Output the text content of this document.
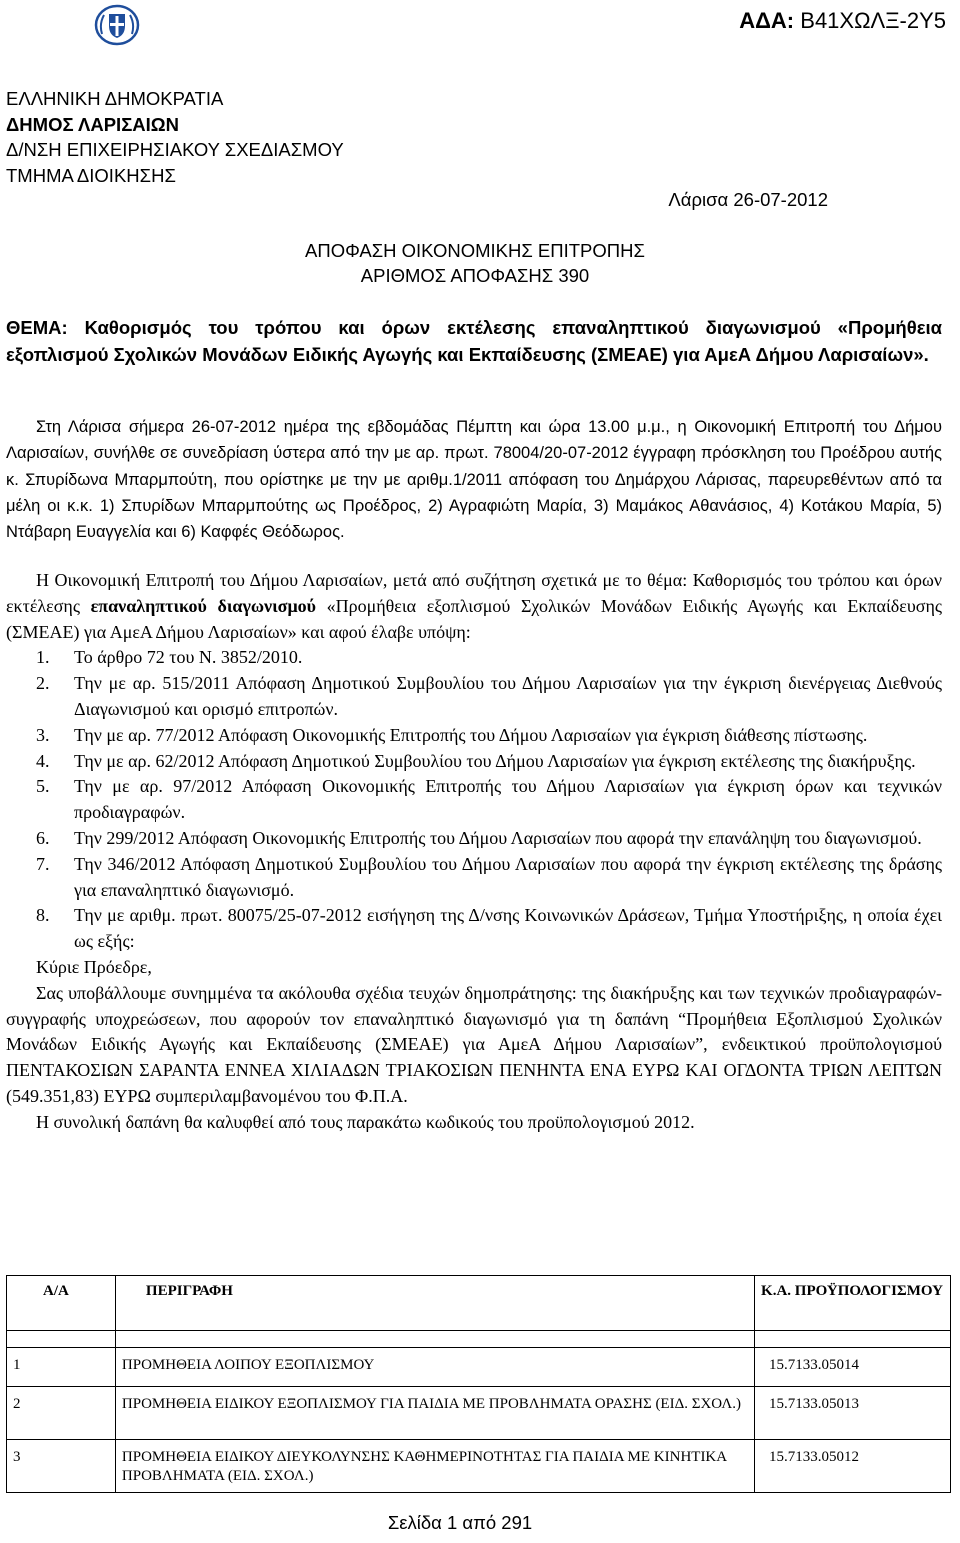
ΑΔΑ: Β41ΧΩΛΞ-2Υ5
ΕΛΛΗΝΙΚΗ ΔΗΜΟΚΡΑΤΙΑ
ΔΗΜΟΣ ΛΑΡΙΣΑΙΩΝ
Δ/ΝΣΗ ΕΠΙΧΕΙΡΗΣΙΑΚΟΥ ΣΧΕΔΙΑΣΜΟΥ
ΤΜΗΜΑ ΔΙΟΙΚΗΣΗΣ
Λάρισα 26-07-2012
ΑΠΟΦΑΣΗ ΟΙΚΟΝΟΜΙΚΗΣ ΕΠΙΤΡΟΠΗΣ
ΑΡΙΘΜΟΣ ΑΠΟΦΑΣΗΣ 390
ΘΕΜΑ: Καθορισμός του τρόπου και όρων εκτέλεσης επαναληπτικού διαγωνισμού «Προμήθεια εξοπλισμού Σχολικών Μονάδων Ειδικής Αγωγής και Εκπαίδευσης (ΣΜΕΑΕ) για ΑμεΑ Δήμου Λαρισαίων».
Στη Λάρισα σήμερα 26-07-2012 ημέρα της εβδομάδας Πέμπτη και ώρα 13.00 μ.μ., η Οικονομική Επιτροπή του Δήμου Λαρισαίων, συνήλθε σε συνεδρίαση ύστερα από την με αρ. πρωτ. 78004/20-07-2012 έγγραφη πρόσκληση του Προέδρου αυτής κ. Σπυρίδωνα Μπαρμπούτη, που ορίστηκε με την με αριθμ.1/2011 απόφαση του Δημάρχου Λάρισας, παρευρεθέντων από τα μέλη οι κ.κ. 1) Σπυρίδων Μπαρμπούτης ως Προέδρος, 2) Αγραφιώτη Μαρία, 3) Μαμάκος Αθανάσιος, 4) Κοτάκου Μαρία, 5) Ντάβαρη Ευαγγελία και 6) Καφφές Θεόδωρος.
Η Οικονομική Επιτροπή του Δήμου Λαρισαίων, μετά από συζήτηση σχετικά με το θέμα: Καθορισμός του τρόπου και όρων εκτέλεσης επαναληπτικού διαγωνισμού «Προμήθεια εξοπλισμού Σχολικών Μονάδων Ειδικής Αγωγής και Εκπαίδευσης (ΣΜΕΑΕ) για ΑμεΑ Δήμου Λαρισαίων» και αφού έλαβε υπόψη:
1. Το άρθρο 72 του Ν. 3852/2010.
2. Την με αρ. 515/2011 Απόφαση Δημοτικού Συμβουλίου του Δήμου Λαρισαίων για την έγκριση διενέργειας Διεθνούς Διαγωνισμού και ορισμό επιτροπών.
3. Την με αρ. 77/2012 Απόφαση Οικονομικής Επιτροπής του Δήμου Λαρισαίων για έγκριση διάθεσης πίστωσης.
4. Την με αρ. 62/2012 Απόφαση Δημοτικού Συμβουλίου του Δήμου Λαρισαίων για έγκριση εκτέλεσης της διακήρυξης.
5. Την με αρ. 97/2012 Απόφαση Οικονομικής Επιτροπής του Δήμου Λαρισαίων για έγκριση όρων και τεχνικών προδιαγραφών.
6. Την 299/2012 Απόφαση Οικονομικής Επιτροπής του Δήμου Λαρισαίων που αφορά την επανάληψη του διαγωνισμού.
7. Την 346/2012 Απόφαση Δημοτικού Συμβουλίου του Δήμου Λαρισαίων που αφορά την έγκριση εκτέλεσης της δράσης για επαναληπτικό διαγωνισμό.
8. Την με αριθμ. πρωτ. 80075/25-07-2012 εισήγηση της Δ/νσης Κοινωνικών Δράσεων, Τμήμα Υποστήριξης, η οποία έχει ως εξής:
Κύριε Πρόεδρε,
Σας υποβάλλουμε συνημμένα τα ακόλουθα σχέδια τευχών δημοπράτησης: της διακήρυξης και των τεχνικών προδιαγραφών-συγγραφής υποχρεώσεων, που αφορούν τον επαναληπτικό διαγωνισμό για τη δαπάνη “Προμήθεια Εξοπλισμού Σχολικών Μονάδων Ειδικής Αγωγής και Εκπαίδευσης (ΣΜΕΑΕ) για ΑμεΑ Δήμου Λαρισαίων”, ενδεικτικού προϋπολογισμού ΠΕΝΤΑΚΟΣΙΩΝ ΣΑΡΑΝΤΑ ΕΝΝΕΑ ΧΙΛΙΑΔΩΝ ΤΡΙΑΚΟΣΙΩΝ ΠΕΝΗΝΤΑ ΕΝΑ ΕΥΡΩ ΚΑΙ ΟΓΔΟΝΤΑ ΤΡΙΩΝ ΛΕΠΤΩΝ (549.351,83) ΕΥΡΩ συμπεριλαμβανομένου του Φ.Π.Α.
Η συνολική δαπάνη θα καλυφθεί από τους παρακάτω κωδικούς του προϋπολογισμού 2012.
Α/Α	ΠΕΡΙΓΡΑΦΗ	Κ.Α. ΠΡΟΫΠΟΛΟΓΙΣΜΟΥ

1	ΠΡΟΜΗΘΕΙΑ ΛΟΙΠΟΥ ΕΞΟΠΛΙΣΜΟΥ	15.7133.05014
2	ΠΡΟΜΗΘΕΙΑ ΕΙΔΙΚΟΥ ΕΞΟΠΛΙΣΜΟΥ ΓΙΑ ΠΑΙΔΙΑ ΜΕ ΠΡΟΒΛΗΜΑΤΑ ΟΡΑΣΗΣ (ΕΙΔ. ΣΧΟΛ.)	15.7133.05013
3	ΠΡΟΜΗΘΕΙΑ ΕΙΔΙΚΟΥ ΔΙΕΥΚΟΛΥΝΣΗΣ ΚΑΘΗΜΕΡΙΝΟΤΗΤΑΣ ΓΙΑ ΠΑΙΔΙΑ ΜΕ ΚΙΝΗΤΙΚΑ ΠΡΟΒΛΗΜΑΤΑ (ΕΙΔ. ΣΧΟΛ.)	15.7133.05012
Σελίδα 1 από 291
